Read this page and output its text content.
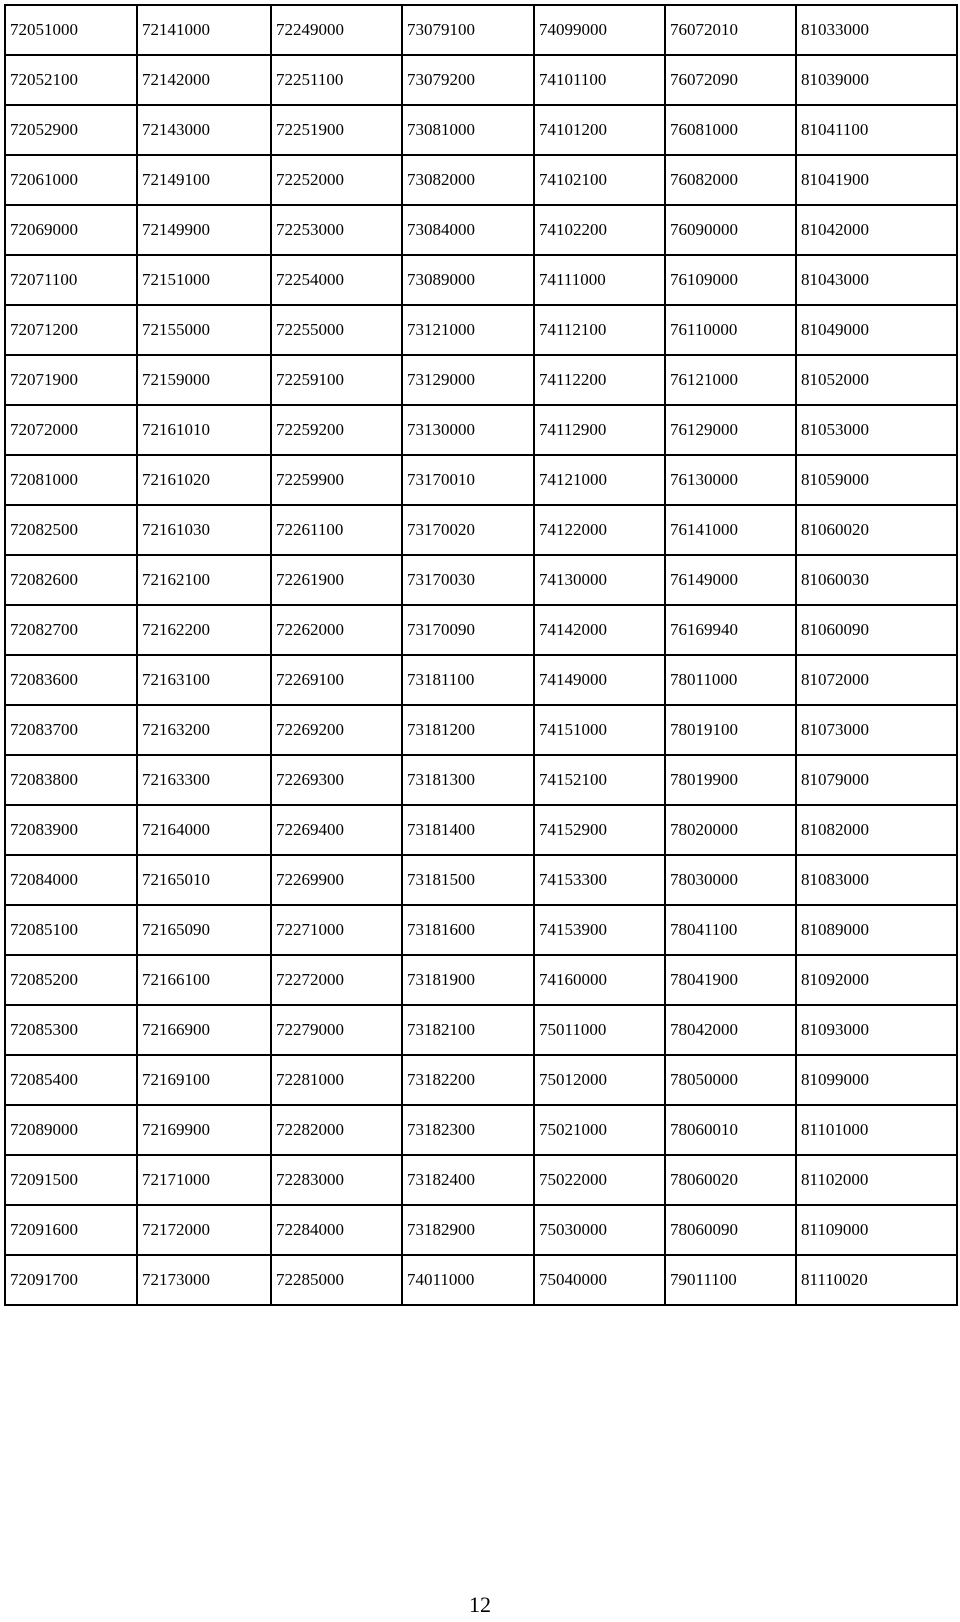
72051000	72141000	72249000	73079100	74099000	76072010	81033000
72052100	72142000	72251100	73079200	74101100	76072090	81039000
72052900	72143000	72251900	73081000	74101200	76081000	81041100
72061000	72149100	72252000	73082000	74102100	76082000	81041900
72069000	72149900	72253000	73084000	74102200	76090000	81042000
72071100	72151000	72254000	73089000	74111000	76109000	81043000
72071200	72155000	72255000	73121000	74112100	76110000	81049000
72071900	72159000	72259100	73129000	74112200	76121000	81052000
72072000	72161010	72259200	73130000	74112900	76129000	81053000
72081000	72161020	72259900	73170010	74121000	76130000	81059000
72082500	72161030	72261100	73170020	74122000	76141000	81060020
72082600	72162100	72261900	73170030	74130000	76149000	81060030
72082700	72162200	72262000	73170090	74142000	76169940	81060090
72083600	72163100	72269100	73181100	74149000	78011000	81072000
72083700	72163200	72269200	73181200	74151000	78019100	81073000
72083800	72163300	72269300	73181300	74152100	78019900	81079000
72083900	72164000	72269400	73181400	74152900	78020000	81082000
72084000	72165010	72269900	73181500	74153300	78030000	81083000
72085100	72165090	72271000	73181600	74153900	78041100	81089000
72085200	72166100	72272000	73181900	74160000	78041900	81092000
72085300	72166900	72279000	73182100	75011000	78042000	81093000
72085400	72169100	72281000	73182200	75012000	78050000	81099000
72089000	72169900	72282000	73182300	75021000	78060010	81101000
72091500	72171000	72283000	73182400	75022000	78060020	81102000
72091600	72172000	72284000	73182900	75030000	78060090	81109000
72091700	72173000	72285000	74011000	75040000	79011100	81110020
12
